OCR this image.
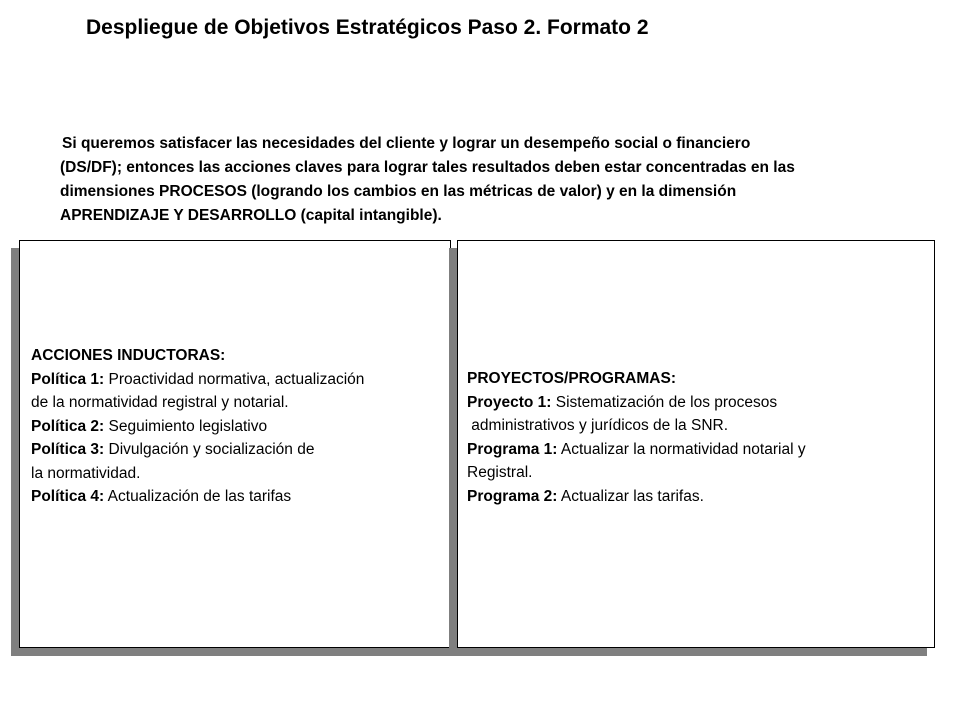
Despliegue de Objetivos Estratégicos Paso 2. Formato 2

Si queremos satisfacer las necesidades del cliente y lograr un desempeño social o financiero

(DS/DF); entonces las acciones claves para lograr tales resultados deben estar concentradas en las

dimensiones PROCESOS (logrando los cambios en las métricas de valor) y en la dimensión

APRENDIZAJE Y DESARROLLO (capital intangible).

ACCIONES INDUCTORAS:

Política 1: Proactividad normativa, actualización

de la normatividad registral y notarial.

Política 2: Seguimiento legislativo

Política 3: Divulgación y socialización de

la normatividad.

Política 4: Actualización de las tarifas

PROYECTOS/PROGRAMAS:

Proyecto 1: Sistematización de los procesos

administrativos y jurídicos de la SNR.

Programa 1: Actualizar la normatividad notarial y

Registral.

Programa 2: Actualizar las tarifas.
